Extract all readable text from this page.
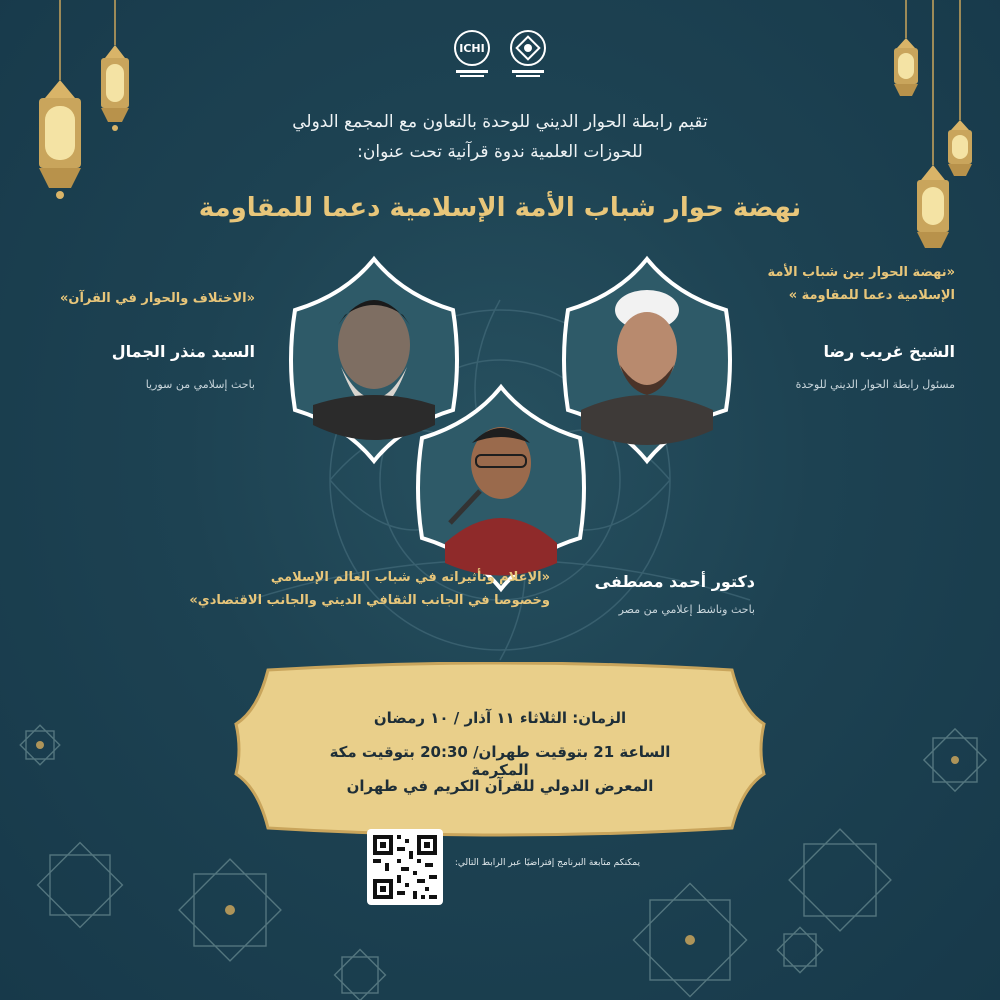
ICHI
تقيم رابطة الحوار الديني للوحدة بالتعاون مع المجمع الدولي
للحوزات العلمية ندوة قرآنية تحت عنوان:
نهضة حوار شباب الأمة الإسلامية دعما للمقاومة
«نهضة الحوار بين شباب الأمة
الإسلامية دعما للمقاومة »
الشيخ غريب رضا
مسئول رابطة الحوار الديني للوحدة
«الاختلاف والحوار في القرآن»
السيد منذر الجمال
باحث إسلامي من سوريا
«الإعلام وتأثيراته في شباب العالم الإسلامي
وخصوصا في الجانب الثقافي الديني والجانب الاقتصادي»
دكتور أحمد مصطفى
باحث وناشط إعلامي من مصر
الزمان: الثلاثاء ١١ آذار / ١٠ رمضان
الساعة 21 بتوقيت طهران/ 20:30 بتوقيت مكة المكرمة
المعرض الدولي للقرآن الكريم في طهران
يمكنكم متابعة البرنامج إفتراضيًا عبر الرابط التالي:
